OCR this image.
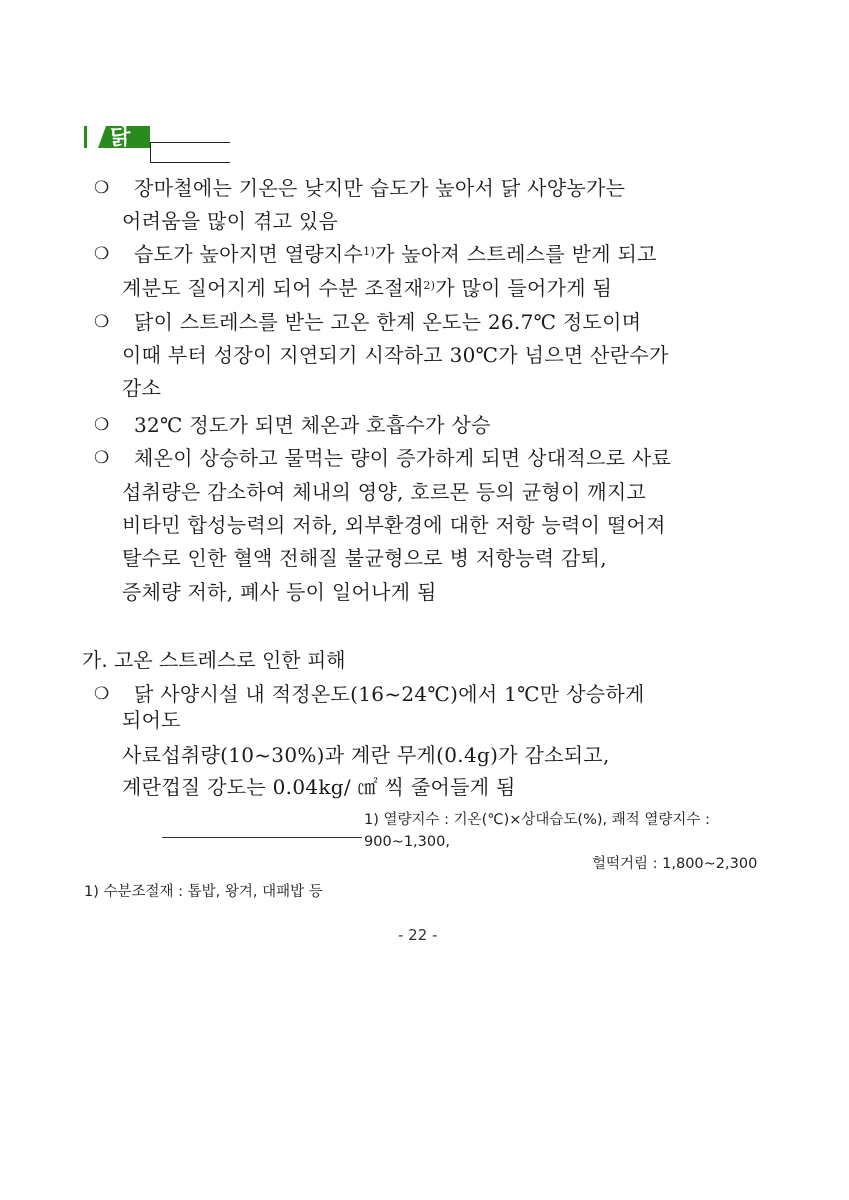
닭
❍ 장마철에는 기온은 낮지만 습도가 높아서 닭 사양농가는
어려움을 많이 겪고 있음
❍ 습도가 높아지면 열량지수$^{1)}$가 높아져 스트레스를 받게 되고
계분도 질어지게 되어 수분 조절재$^{2)}$가 많이 들어가게 됨
❍ 닭이 스트레스를 받는 고온 한계 온도는 26.7℃ 정도이며
이때 부터 성장이 지연되기 시작하고 30℃가 넘으면 산란수가
감소
❍ 32℃ 정도가 되면 체온과 호흡수가 상승
❍ 체온이 상승하고 물먹는 량이 증가하게 되면 상대적으로 사료
섭취량은 감소하여 체내의 영양, 호르몬 등의 균형이 깨지고
비타민 합성능력의 저하, 외부환경에 대한 저항 능력이 떨어져
탈수로 인한 혈액 전해질 불균형으로 병 저항능력 감퇴,
증체량 저하, 폐사 등이 일어나게 됨
가. 고온 스트레스로 인한 피해
❍ 닭 사양시설 내 적정온도(16~24℃)에서 1℃만 상승하게
되어도
사료섭취량(10~30%)과 계란 무게(0.4g)가 감소되고,
계란껍질 강도는 0.04kg/ ㎠ 씩 줄어들게 됨
1) 열량지수 : 기온(℃)×상대습도(%), 쾌적 열량지수 :
900~1,300,
헐떡거림 : 1,800~2,300
1) 수분조절재 : 톱밥, 왕겨, 대패밥 등
- 22 -
